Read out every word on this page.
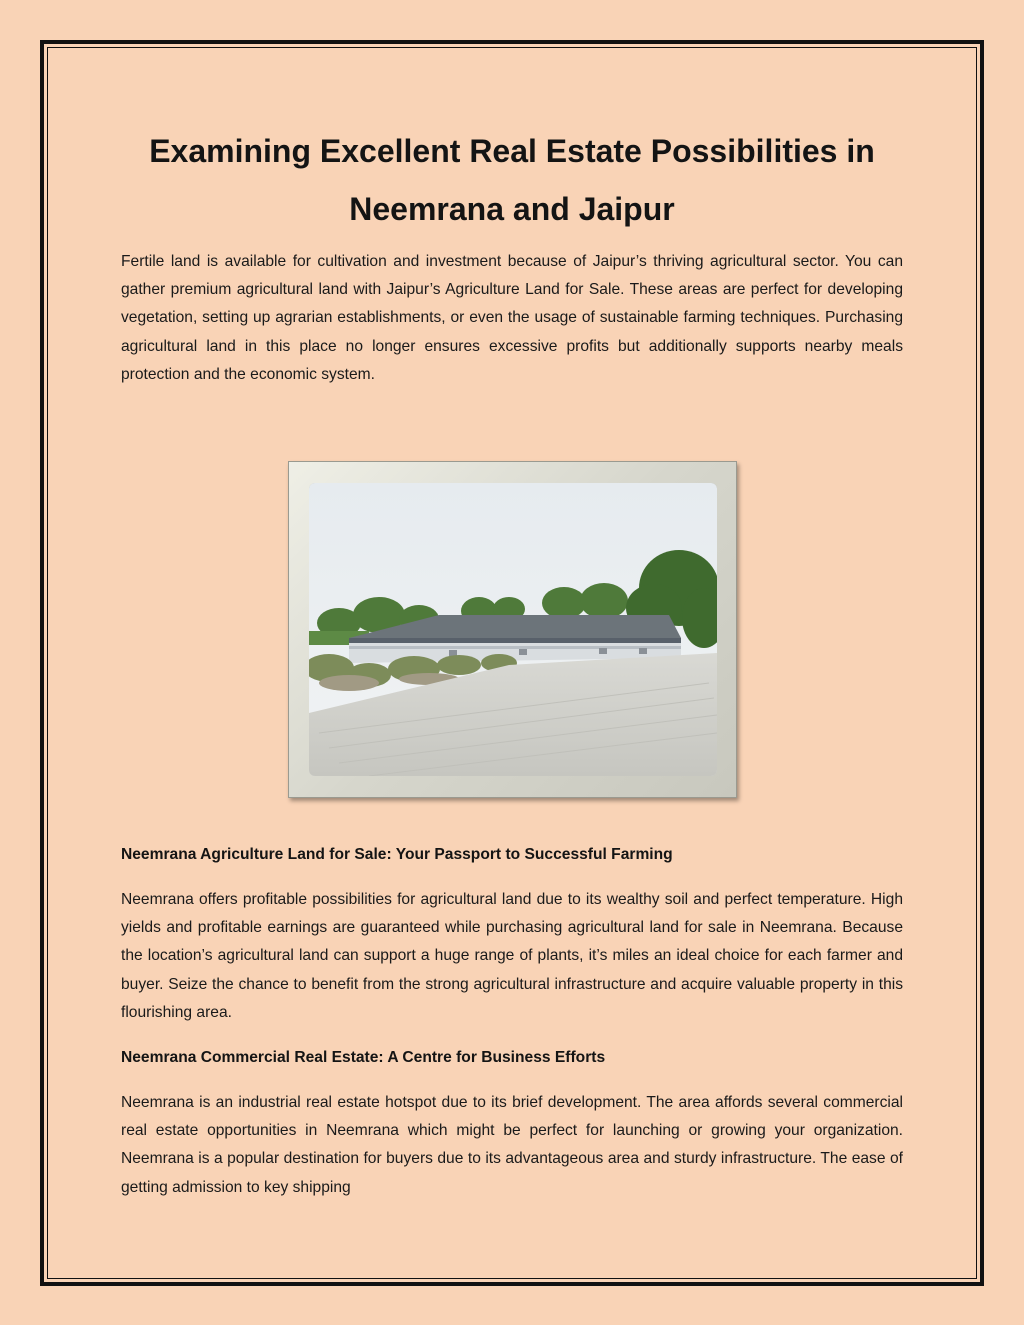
Examining Excellent Real Estate Possibilities in Neemrana and Jaipur

Fertile land is available for cultivation and investment because of Jaipur’s thriving agricultural sector. You can gather premium agricultural land with Jaipur’s Agriculture Land for Sale. These areas are perfect for developing vegetation, setting up agrarian establishments, or even the usage of sustainable farming techniques. Purchasing agricultural land in this place no longer ensures excessive profits but additionally supports nearby meals protection and the economic system.

Neemrana Agriculture Land for Sale: Your Passport to Successful Farming

Neemrana offers profitable possibilities for agricultural land due to its wealthy soil and perfect temperature. High yields and profitable earnings are guaranteed while purchasing agricultural land for sale in Neemrana. Because the location’s agricultural land can support a huge range of plants, it’s miles an ideal choice for each farmer and buyer. Seize the chance to benefit from the strong agricultural infrastructure and acquire valuable property in this flourishing area.

Neemrana Commercial Real Estate: A Centre for Business Efforts

Neemrana is an industrial real estate hotspot due to its brief development. The area affords several commercial real estate opportunities in Neemrana which might be perfect for launching or growing your organization. Neemrana is a popular destination for buyers due to its advantageous area and sturdy infrastructure. The ease of getting admission to key shipping
